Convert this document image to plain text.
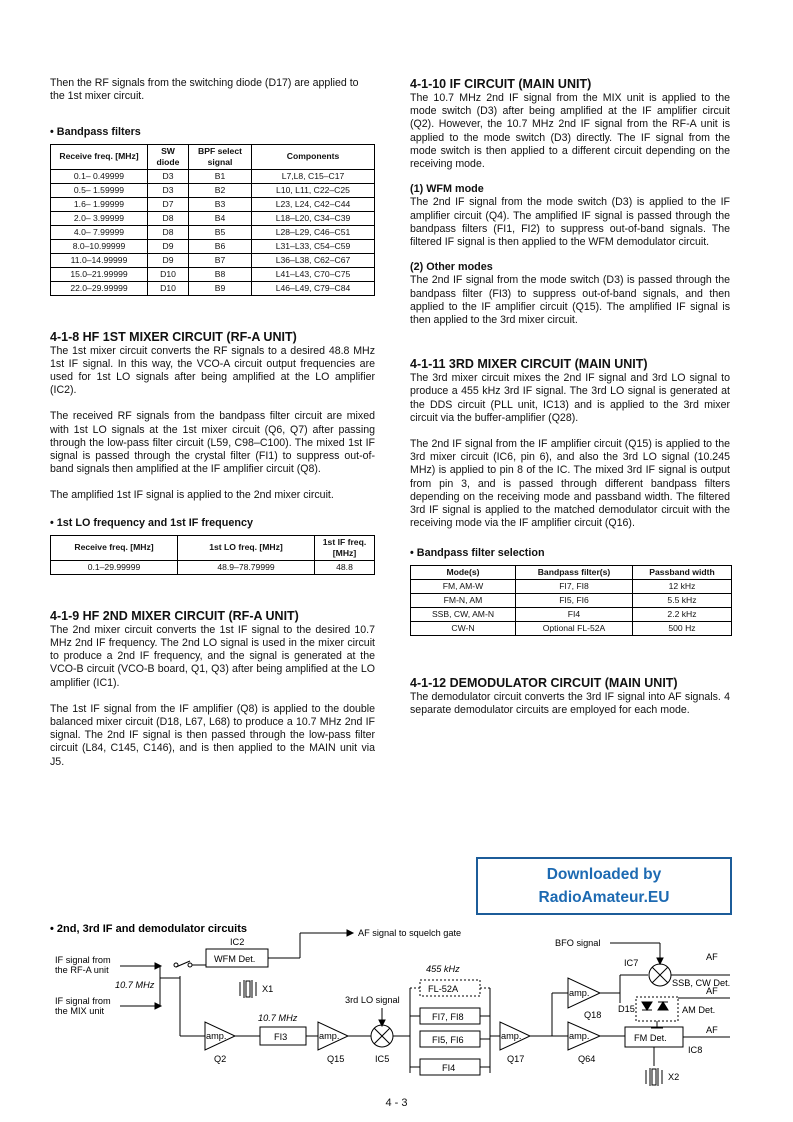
Then the RF signals from the switching diode (D17) are applied to the 1st mixer circuit.

• Bandpass filters
Receive freq. [MHz]	SW diode	BPF select signal	Components
0.1– 0.49999	D3	B1	L7,L8, C15–C17
0.5– 1.59999	D3	B2	L10, L11, C22–C25
1.6– 1.99999	D7	B3	L23, L24, C42–C44
2.0– 3.99999	D8	B4	L18–L20, C34–C39
4.0– 7.99999	D8	B5	L28–L29, C46–C51
8.0–10.99999	D9	B6	L31–L33, C54–C59
11.0–14.99999	D9	B7	L36–L38, C62–C67
15.0–21.99999	D10	B8	L41–L43, C70–C75
22.0–29.99999	D10	B9	L46–L49, C79–C84
4-1-8 HF 1ST MIXER CIRCUIT (RF-A UNIT)

The 1st mixer circuit converts the RF signals to a desired 48.8 MHz 1st IF signal. In this way, the VCO-A circuit output frequencies are used for 1st LO signals after being amplified at the LO amplifier (IC2).

The received RF signals from the bandpass filter circuit are mixed with 1st LO signals at the 1st mixer circuit (Q6, Q7) after passing through the low-pass filter circuit (L59, C98–C100). The mixed 1st IF signal is passed through the crystal filter (FI1) to suppress out-of-band signals then amplified at the IF amplifier circuit (Q8).

The amplified 1st IF signal is applied to the 2nd mixer circuit.

• 1st LO frequency and 1st IF frequency
Receive freq. [MHz]	1st LO freq. [MHz]	1st IF freq. [MHz]
0.1–29.99999	48.9–78.79999	48.8
4-1-9 HF 2ND MIXER CIRCUIT (RF-A UNIT)

The 2nd mixer circuit converts the 1st IF signal to the desired 10.7 MHz 2nd IF frequency. The 2nd LO signal is used in the mixer circuit to produce a 2nd IF frequency, and the signal is generated at the VCO-B circuit (VCO-B board, Q1, Q3) after being amplified at the LO amplifier (IC1).

The 1st IF signal from the IF amplifier (Q8) is applied to the double balanced mixer circuit (D18, L67, L68) to produce a 10.7 MHz 2nd IF signal. The 2nd IF signal is then passed through the low-pass filter circuit (L84, C145, C146), and is then applied to the MAIN unit via J5.

4-1-10 IF CIRCUIT (MAIN UNIT)

The 10.7 MHz 2nd IF signal from the MIX unit is applied to the mode switch (D3) after being amplified at the IF amplifier circuit (Q2). However, the 10.7 MHz 2nd IF signal from the RF-A unit is applied to the mode switch (D3) directly. The IF signal from the mode switch is then applied to a different circuit depending on the receiving mode.

(1) WFM mode

The 2nd IF signal from the mode switch (D3) is applied to the IF amplifier circuit (Q4). The amplified IF signal is passed through the bandpass filters (FI1, FI2) to suppress out-of-band signals. The filtered IF signal is then applied to the WFM demodulator circuit.

(2) Other modes

The 2nd IF signal from the mode switch (D3) is passed through the bandpass filter (FI3) to suppress out-of-band signals, and then applied to the IF amplifier circuit (Q15). The amplified IF signal is then applied to the 3rd mixer circuit.

4-1-11 3RD MIXER CIRCUIT (MAIN UNIT)

The 3rd mixer circuit mixes the 2nd IF signal and 3rd LO signal to produce a 455 kHz 3rd IF signal. The 3rd LO signal is generated at the DDS circuit (PLL unit, IC13) and is applied to the 3rd mixer circuit via the buffer-amplifier (Q28).

The 2nd IF signal from the IF amplifier circuit (Q15) is applied to the 3rd mixer circuit (IC6, pin 6), and also the 3rd LO signal (10.245 MHz) is applied to pin 8 of the IC. The mixed 3rd IF signal is output from pin 3, and is passed through different bandpass filters depending on the receiving mode and passband width. The filtered 3rd IF signal is applied to the matched demodulator circuit with the receiving mode via the IF amplifier circuit (Q16).

• Bandpass filter selection
Mode(s)	Bandpass filter(s)	Passband width
FM, AM-W	FI7, FI8	12 kHz
FM-N, AM	FI5, FI6	5.5 kHz
SSB, CW, AM-N	FI4	2.2 kHz
CW-N	Optional FL-52A	500 Hz
4-1-12 DEMODULATOR CIRCUIT (MAIN UNIT)

The demodulator circuit converts the 3rd IF signal into AF signals. 4 separate demodulator circuits are employed for each mode.

Downloaded by
RadioAmateur.EU
• 2nd, 3rd IF and demodulator circuits
IF signal from
the RF-A unit
10.7 MHz
IF signal from
the MIX unit
IC2
WFM Det.
AF signal to squelch gate
X1
amp.
Q2
10.7 MHz
FI3	amp.
Q15	IC5
3rd LO signal
455 kHz
FL-52A
FI7, FI8
FI5, FI6
FI4
amp.
Q17
amp.
Q18
amp.
Q64
BFO signal
IC7
AF
SSB, CW Det.
D15	AM Det.
AF
FM Det.
IC8
AF
X2
4 - 3
